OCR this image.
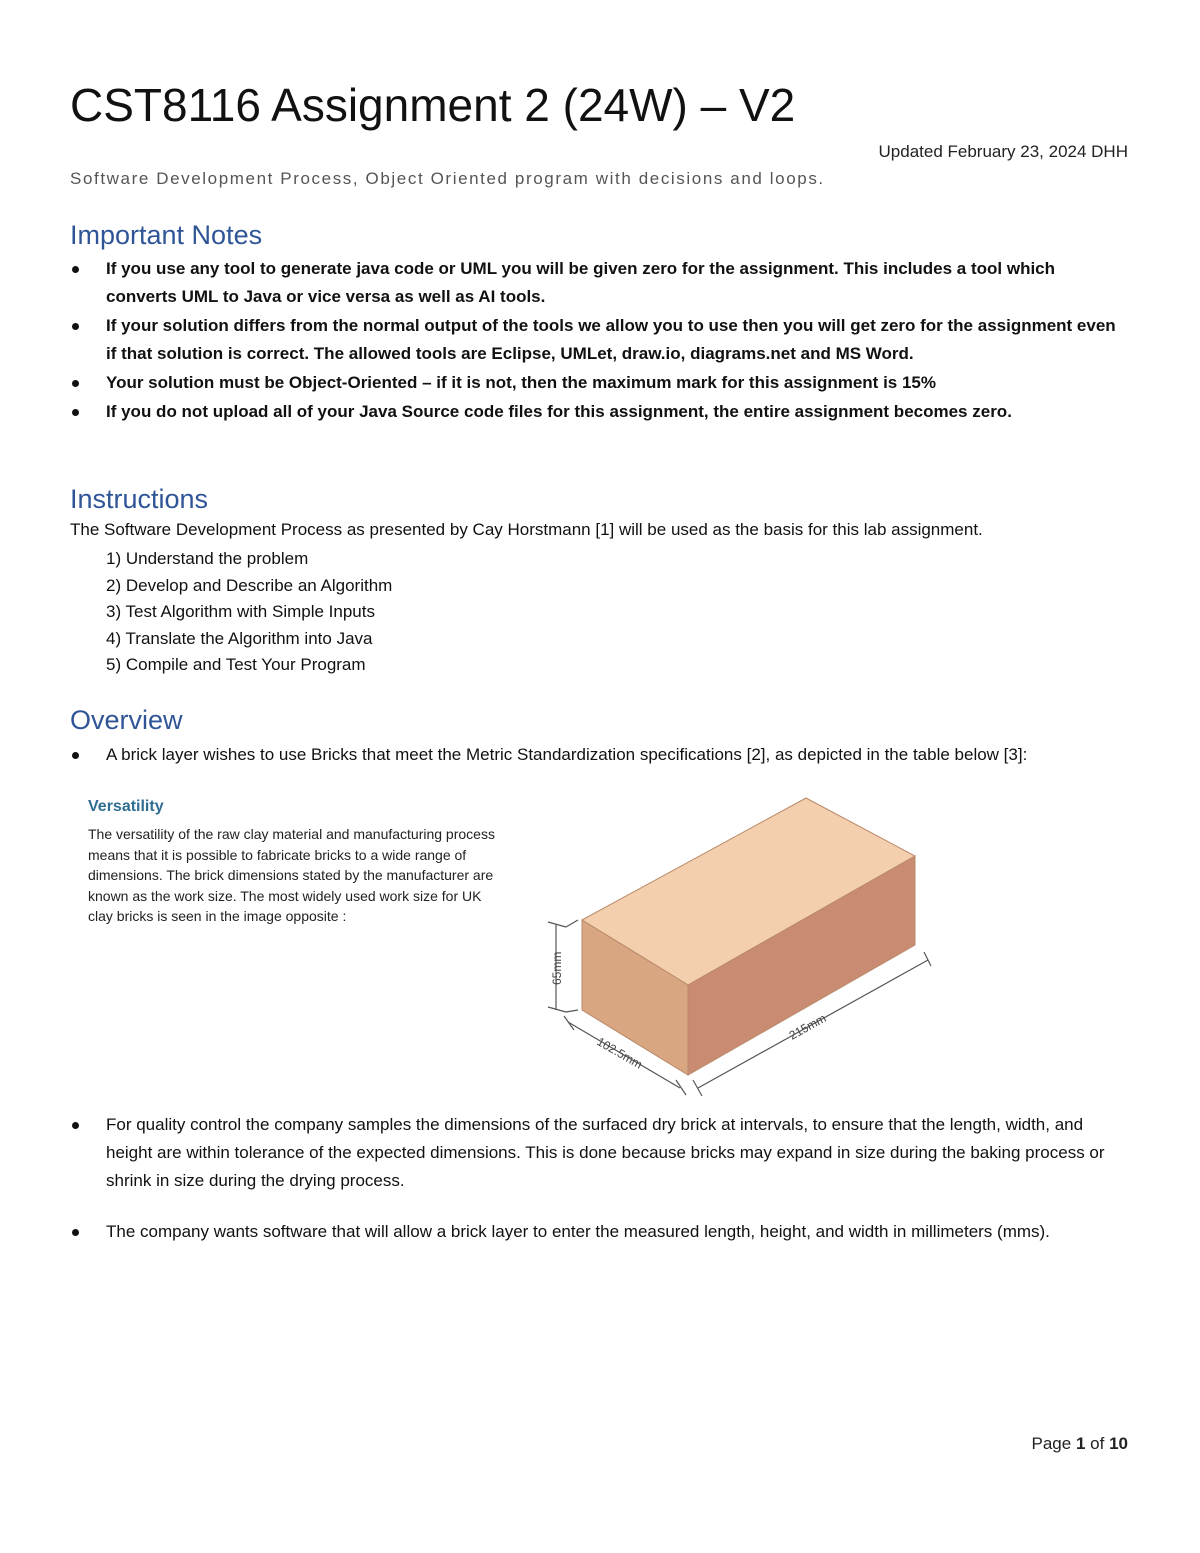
CST8116 Assignment 2 (24W) – V2
Updated February 23, 2024 DHH
Software Development Process, Object Oriented program with decisions and loops.
Important Notes
If you use any tool to generate java code or UML you will be given zero for the assignment. This includes a tool which converts UML to Java or vice versa as well as AI tools.
If your solution differs from the normal output of the tools we allow you to use then you will get zero for the assignment even if that solution is correct. The allowed tools are Eclipse, UMLet, draw.io, diagrams.net and MS Word.
Your solution must be Object-Oriented – if it is not, then the maximum mark for this assignment is 15%
If you do not upload all of your Java Source code files for this assignment, the entire assignment becomes zero.
Instructions
The Software Development Process as presented by Cay Horstmann [1] will be used as the basis for this lab assignment.
1) Understand the problem
2) Develop and Describe an Algorithm
3) Test Algorithm with Simple Inputs
4) Translate the Algorithm into Java
5) Compile and Test Your Program
Overview
A brick layer wishes to use Bricks that meet the Metric Standardization specifications [2], as depicted in the table below [3]:
Versatility
The versatility of the raw clay material and manufacturing process means that it is possible to fabricate bricks to a wide range of dimensions. The brick dimensions stated by the manufacturer are known as the work size. The most widely used work size for UK clay bricks is seen in the image opposite :
65mm
102.5mm
215mm
For quality control the company samples the dimensions of the surfaced dry brick at intervals, to ensure that the length, width, and height are within tolerance of the expected dimensions. This is done because bricks may expand in size during the baking process or shrink in size during the drying process.
The company wants software that will allow a brick layer to enter the measured length, height, and width in millimeters (mms).
Page 1 of 10
